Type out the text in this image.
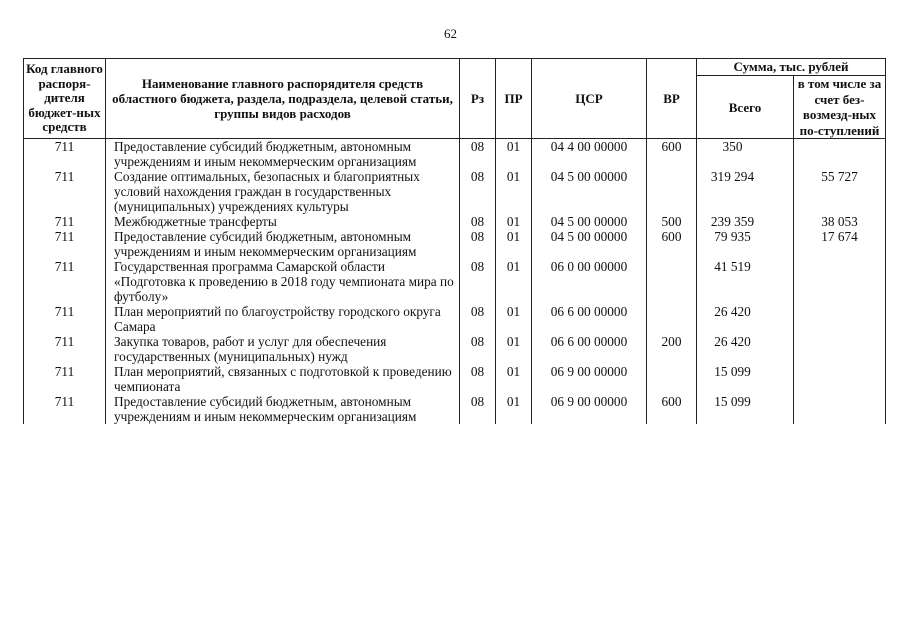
62
Код главного распоря-дителя бюджет-ных средств	Наименование главного распорядителя средств областного бюджета, раздела, подраздела, целевой статьи, группы видов расходов	Рз	ПР	ЦСР	ВР	Сумма, тыс. рублей	
						Всего	в том числе за счет без-возмезд-ных по-ступлений
711	Предоставление субсидий бюджетным, автономным учреждениям и иным некоммерческим организациям	08	01	04 4 00 00000	600	350	
711	Создание оптимальных, безопасных и благоприятных условий нахождения граждан в государственных (муниципальных) учреждениях культуры	08	01	04 5 00 00000		319 294	55 727
711	Межбюджетные трансферты	08	01	04 5 00 00000	500	239 359	38 053
711	Предоставление субсидий бюджетным, автономным учреждениям и иным некоммерческим организациям	08	01	04 5 00 00000	600	79 935	17 674
711	Государственная программа Самарской области «Подготовка к проведению в 2018 году чемпионата мира по футболу»	08	01	06 0 00 00000		41 519	
711	План мероприятий по благоустройству городского округа Самара	08	01	06 6 00 00000		26 420	
711	Закупка товаров, работ и услуг для обеспечения государственных (муниципальных) нужд	08	01	06 6 00 00000	200	26 420	
711	План мероприятий, связанных с подготовкой к проведению чемпионата	08	01	06 9 00 00000		15 099	
711	Предоставление субсидий бюджетным, автономным учреждениям и иным некоммерческим организациям	08	01	06 9 00 00000	600	15 099	
